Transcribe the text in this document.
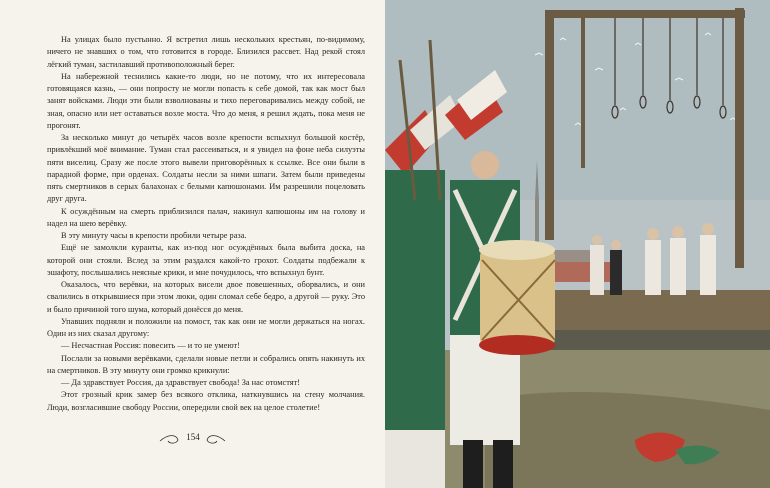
На улицах было пустынно. Я встретил лишь нескольких крестьян, по-видимому, ничего не знавших о том, что готовится в городе. Близился рассвет. Над рекой стоял лёгкий туман, застилавший противоположный берег.

На набережной теснились какие-то люди, но не потому, что их интересовала готовящаяся казнь, — они попросту не могли попасть к себе домой, так как мост был занят войсками. Люди эти были взволнованы и тихо переговаривались между собой, не зная, опасно или нет оставаться возле моста. Что до меня, я решил ждать, пока меня не прогонят.

За несколько минут до четырёх часов возле крепости вспыхнул большой костёр, привлёкший моё внимание. Туман стал рассеиваться, и я увидел на фоне неба силуэты пяти виселиц. Сразу же после этого вывели приговорённых к ссылке. Все они были в парадной форме, при орденах. Солдаты несли за ними шпаги. Затем были приведены пять смертников в серых балахонах с белыми капюшонами. Им разрешили поцеловать друг друга.

К осуждённым на смерть приблизился палач, накинул капюшоны им на голову и надел на шею верёвку.

В эту минуту часы в крепости пробили четыре раза.

Ещё не замолкли куранты, как из-под ног осуждённых была выбита доска, на которой они стояли. Вслед за этим раздался какой-то грохот. Солдаты подбежали к эшафоту, послышались неясные крики, и мне почудилось, что вспыхнул бунт.

Оказалось, что верёвки, на которых висели двое повешенных, оборвались, и они свалились в открывшиеся при этом люки, один сломал себе бедро, а другой — руку. Это и было причиной того шума, который донёсся до меня.

Упавших подняли и положили на помост, так как они не могли держаться на ногах. Один из них сказал другому:

— Несчастная Россия: повесить — и то не умеют!

Послали за новыми верёвками, сделали новые петли и собрались опять накинуть их на смертников. В эту минуту они громко крикнули:

— Да здравствует Россия, да здравствует свобода! За нас отомстят!

Этот грозный крик замер без всякого отклика, наткнувшись на стену молчания. Люди, возгласившие свободу России, опередили свой век на целое столетие!

154
